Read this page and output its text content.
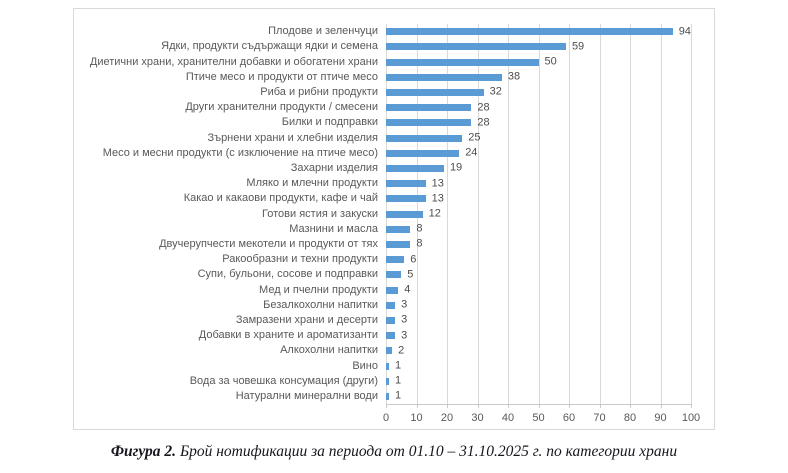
Плодове и зеленчуци	94
Ядки, продукти съдържащи ядки и семена	59
Диетични храни, хранителни добавки и обогатени храни	50
Птиче месо и продукти от птиче месо	38
Риба и рибни продукти	32
Други хранителни продукти / смесени	28
Билки и подправки	28
Зърнени храни и хлебни изделия	25
Месо и месни продукти (с изключение на птиче месо)	24
Захарни изделия	19
Мляко и млечни продукти	13
Какао и какаови продукти, кафе и чай	13
Готови ястия и закуски	12
Мазнини и масла	8
Двучерупчести мекотели и продукти от тях	8
Ракообразни и техни продукти	6
Супи, бульони, сосове и подправки	5
Мед и пчелни продукти	4
Безалкохолни напитки	3
Замразени храни и десерти	3
Добавки в храните и ароматизанти	3
Алкохолни напитки	2
Вино	1
Вода за човешка консумация (други)	1
Натурални минерални води	1
0 10 20 30 40 50 60 70 80 90 100
Фигура 2. Брой нотификации за периода от 01.10 – 31.10.2025 г. по категории храни
